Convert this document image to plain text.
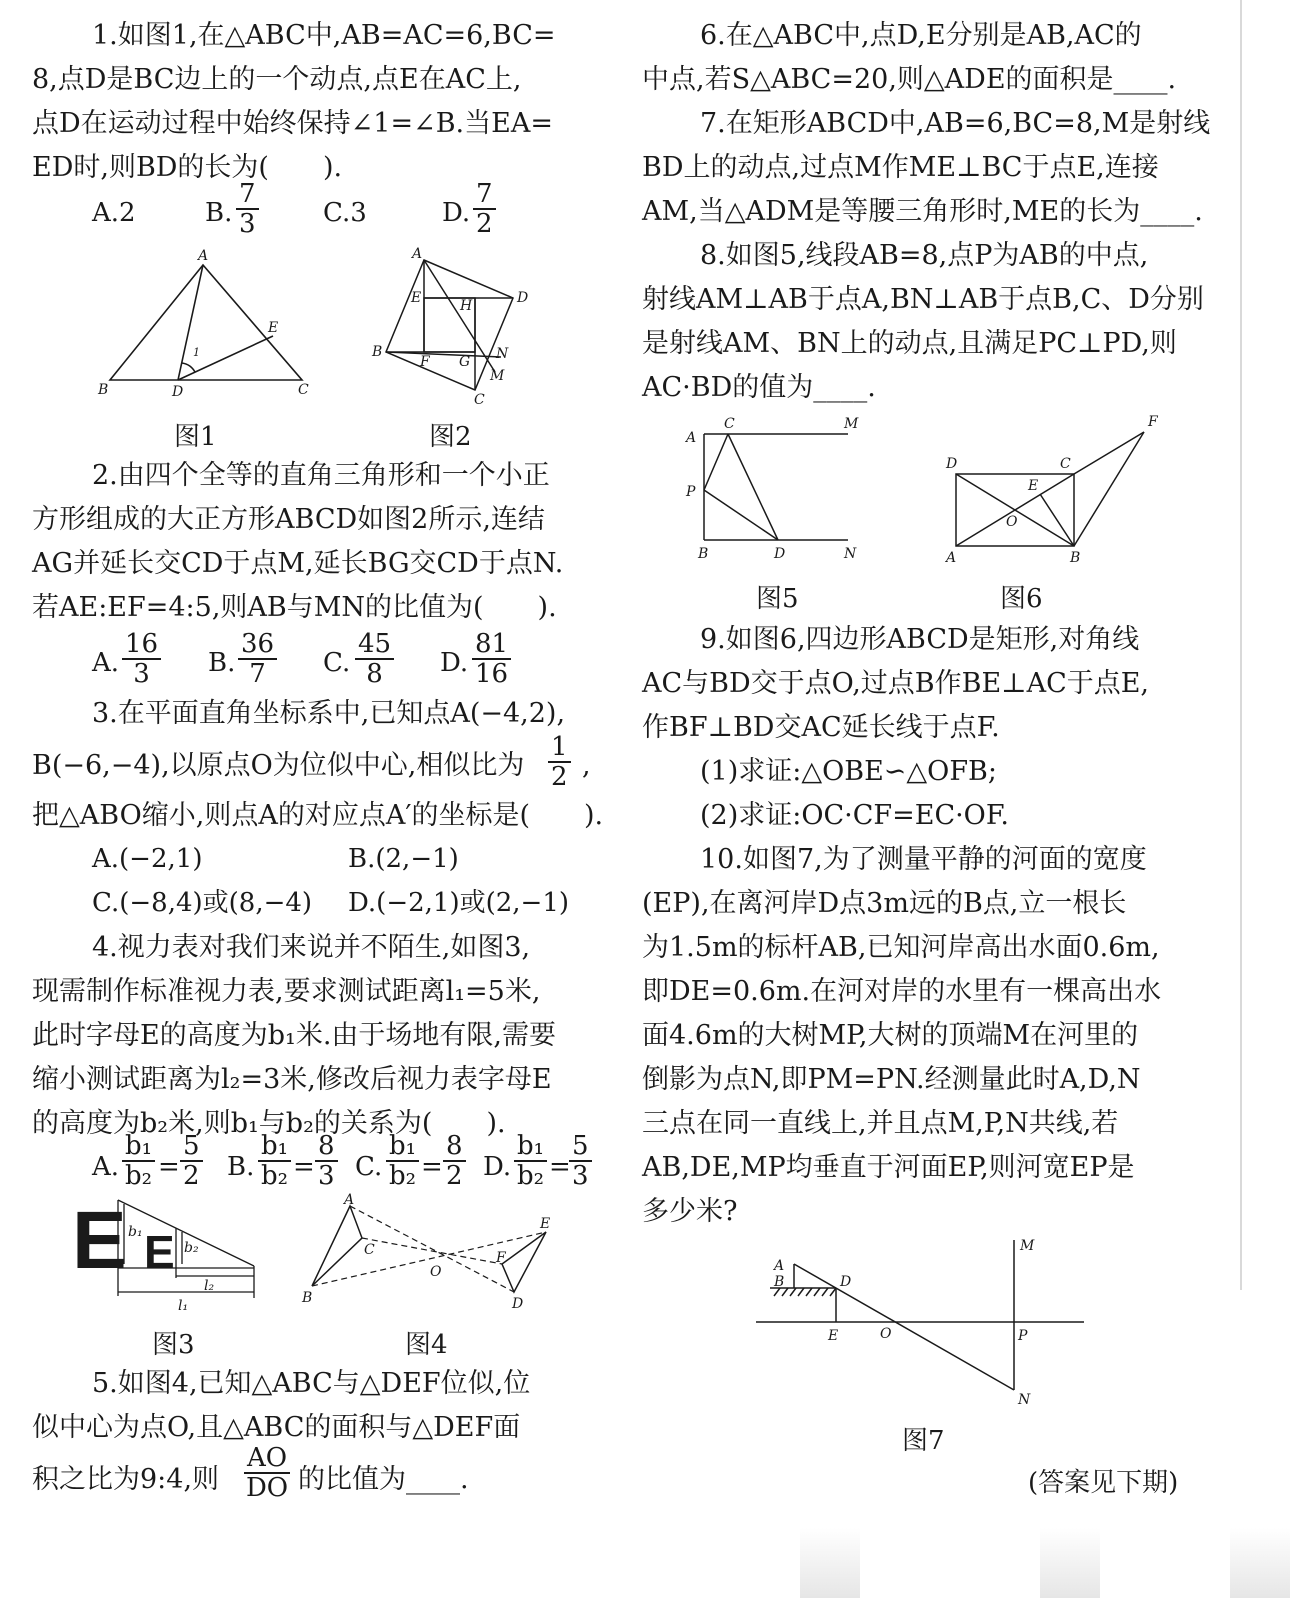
1.如图1,在△ABC中,AB=AC=6,BC=
8,点D是BC边上的一个动点,点E在AC上,
点D在运动过程中始终保持∠1=∠B.当EA=
ED时,则BD的长为(　　).
A.2	B. $\frac{7}{3} C.3$	D. $\frac{7}{2}$
A
B	C
D
E
1
图1
A
B
C
D
E
F G
H
M
N
图2
2.由四个全等的直角三角形和一个小正
方形组成的大正方形ABCD如图2所示,连结
AG并延长交CD于点M,延长BG交CD于点N.
若AE:EF=4:5,则AB与MN的比值为(　　).
A. $\frac{16}{3} B$. $\frac{36}{7} C$. $\frac{45}{8} D$. $\frac{81}{16}$
3.在平面直角坐标系中,已知点A(−4,2),
B(−6,−4),以原点O为位似中心,相似比为 $\frac{1}{2}$ ,
把△ABO缩小,则点A的对应点A′的坐标是(　　).
A.(−2,1)	B.(2,−1)
C.(−8,4)或(8,−4) D.(−2,1)或(2,−1)
4.视力表对我们来说并不陌生,如图3,
现需制作标准视力表,要求测试距离l₁=5米,
此时字母E的高度为b₁米.由于场地有限,需要
缩小测试距离为l₂=3米,修改后视力表字母E
的高度为b₂米,则b₁与b₂的关系为(　　).
A. $\frac{\text{b₁}}{\text{b₂}} = \frac{5}{2} B$. $\frac{\text{b₁}}{\text{b₂}} = \frac{8}{3} C$. $\frac{\text{b₁}}{\text{b₂}} = \frac{8}{2} D$. $\frac{\text{b₁}}{\text{b₂}}$ =
$\frac{5}{3}$
E E
b₁
b₂
l₂
l₁
图3
A
B
C
O
D
E
F
图4
5.如图4,已知△ABC与△DEF位似,位
似中心为点O,且△ABC的面积与△DEF面
积之比为9:4,则 $\frac{AO}{DO}$ 的比值为____.
6.在△ABC中,点D,E分别是AB,AC的
中点,若S△ABC=20,则△ADE的面积是____.
7.在矩形ABCD中,AB=6,BC=8,M是射线
BD上的动点,过点M作ME⊥BC于点E,连接
AM,当△ADM是等腰三角形时,ME的长为____.
8.如图5,线段AB=8,点P为AB的中点,
射线AM⊥AB于点A,BN⊥AB于点B,C、D分别
是射线AM、BN上的动点,且满足PC⊥PD,则
AC·BD的值为____.
A
C	M
P
B	D	N
图5
D	C
F
E
O
A	B
图6
9.如图6,四边形ABCD是矩形,对角线
AC与BD交于点O,过点B作BE⊥AC于点E,
作BF⊥BD交AC延长线于点F.
(1)求证:△OBE∽△OFB;
(2)求证:OC·CF=EC·OF.
10.如图7,为了测量平静的河面的宽度
(EP),在离河岸D点3m远的B点,立一根长
为1.5m的标杆AB,已知河岸高出水面0.6m,
即DE=0.6m.在河对岸的水里有一棵高出水
面4.6m的大树MP,大树的顶端M在河里的
倒影为点N,即PM=PN.经测量此时A,D,N
三点在同一直线上,并且点M,P,N共线,若
AB,DE,MP均垂直于河面EP,则河宽EP是
多少米?
A
B	D
M
E	O	P
N
图7
(答案见下期)
